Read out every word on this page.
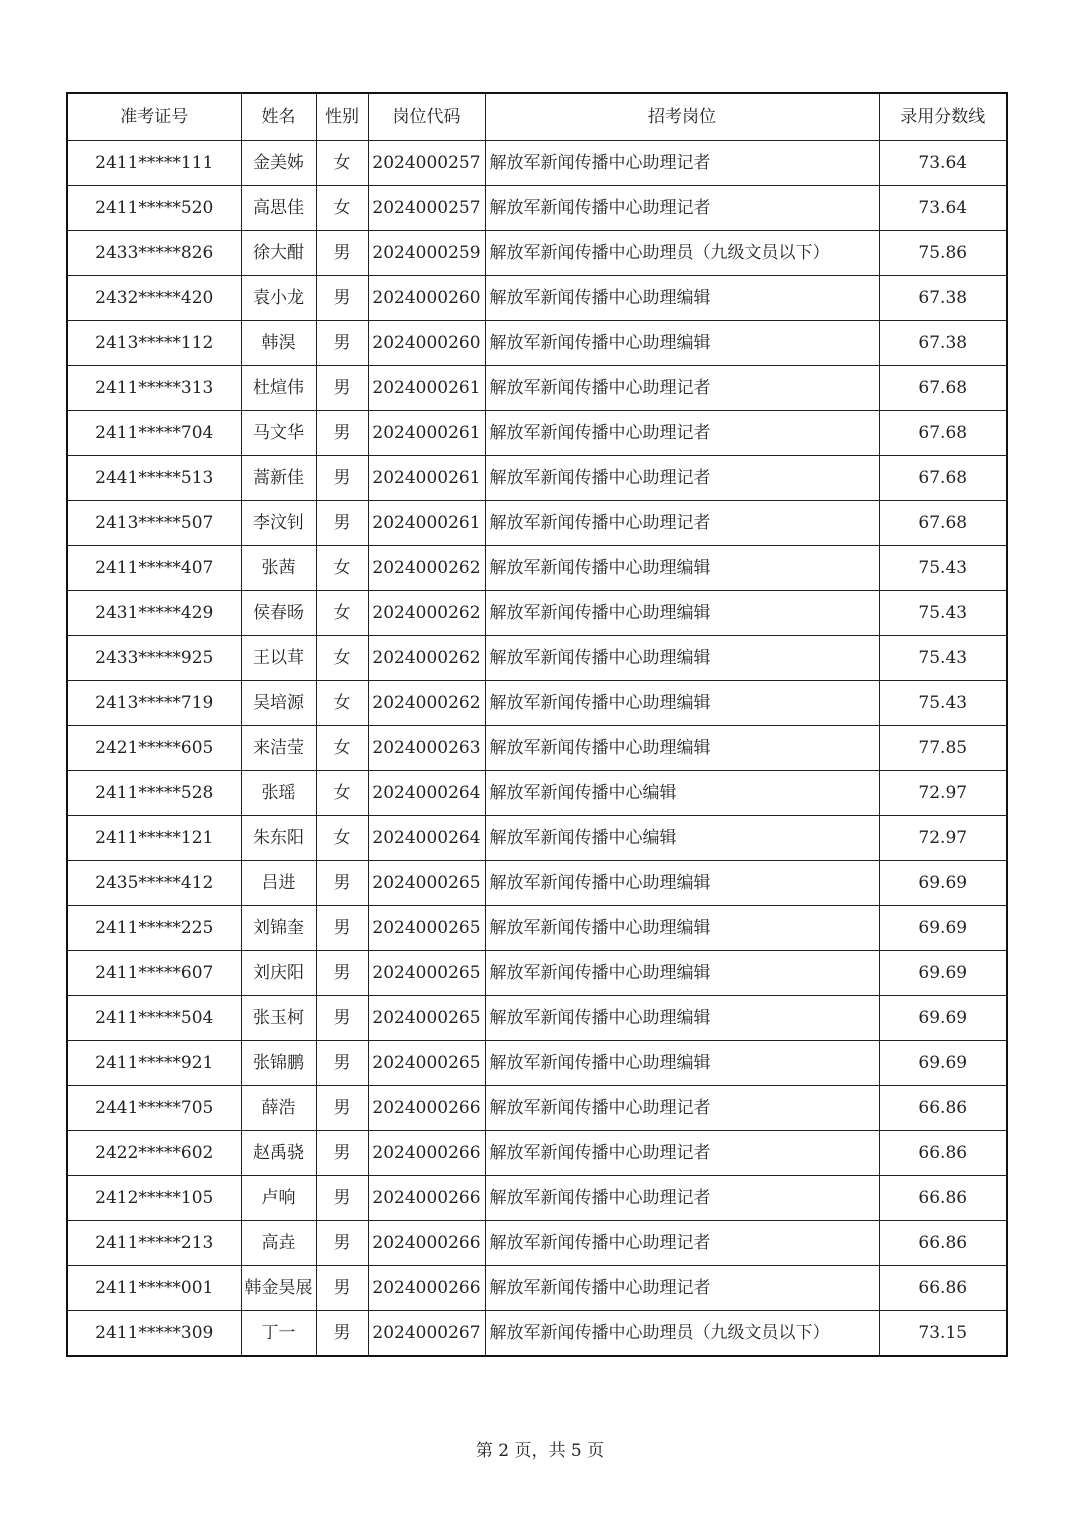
准考证号	姓名	性别	岗位代码	招考岗位	录用分数线
2411*****111	金美姊	女	2024000257	解放军新闻传播中心助理记者	73.64
2411*****520	高思佳	女	2024000257	解放军新闻传播中心助理记者	73.64
2433*****826	徐大酣	男	2024000259	解放军新闻传播中心助理员（九级文员以下）	75.86
2432*****420	袁小龙	男	2024000260	解放军新闻传播中心助理编辑	67.38
2413*****112	韩淏	男	2024000260	解放军新闻传播中心助理编辑	67.38
2411*****313	杜煊伟	男	2024000261	解放军新闻传播中心助理记者	67.68
2411*****704	马文华	男	2024000261	解放军新闻传播中心助理记者	67.68
2441*****513	蒿新佳	男	2024000261	解放军新闻传播中心助理记者	67.68
2413*****507	李汶钊	男	2024000261	解放军新闻传播中心助理记者	67.68
2411*****407	张茜	女	2024000262	解放军新闻传播中心助理编辑	75.43
2431*****429	侯春旸	女	2024000262	解放军新闻传播中心助理编辑	75.43
2433*****925	王以茸	女	2024000262	解放军新闻传播中心助理编辑	75.43
2413*****719	吴培源	女	2024000262	解放军新闻传播中心助理编辑	75.43
2421*****605	来洁莹	女	2024000263	解放军新闻传播中心助理编辑	77.85
2411*****528	张瑶	女	2024000264	解放军新闻传播中心编辑	72.97
2411*****121	朱东阳	女	2024000264	解放军新闻传播中心编辑	72.97
2435*****412	吕进	男	2024000265	解放军新闻传播中心助理编辑	69.69
2411*****225	刘锦奎	男	2024000265	解放军新闻传播中心助理编辑	69.69
2411*****607	刘庆阳	男	2024000265	解放军新闻传播中心助理编辑	69.69
2411*****504	张玉柯	男	2024000265	解放军新闻传播中心助理编辑	69.69
2411*****921	张锦鹏	男	2024000265	解放军新闻传播中心助理编辑	69.69
2441*****705	薛浩	男	2024000266	解放军新闻传播中心助理记者	66.86
2422*****602	赵禹骁	男	2024000266	解放军新闻传播中心助理记者	66.86
2412*****105	卢响	男	2024000266	解放军新闻传播中心助理记者	66.86
2411*****213	高垚	男	2024000266	解放军新闻传播中心助理记者	66.86
2411*****001	韩金昊展	男	2024000266	解放军新闻传播中心助理记者	66.86
2411*****309	丁一	男	2024000267	解放军新闻传播中心助理员（九级文员以下）	73.15
第 2 页，共 5 页
